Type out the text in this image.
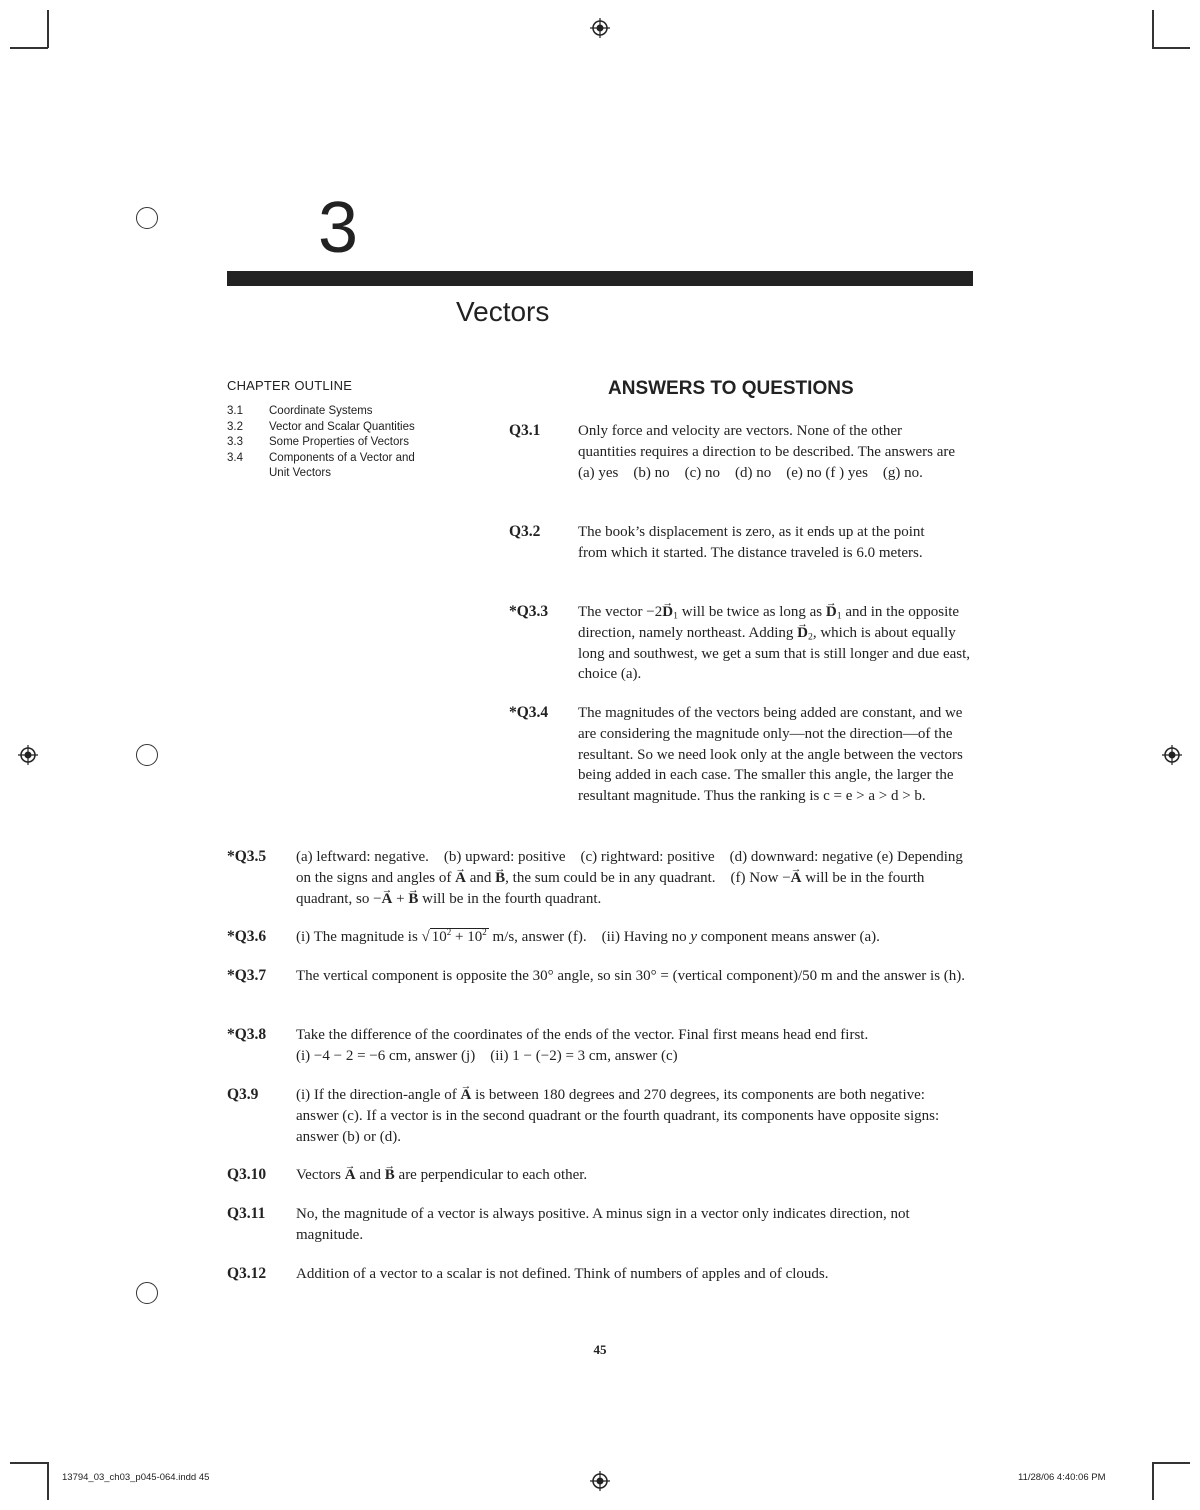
3
Vectors
CHAPTER OUTLINE
3.1	Coordinate Systems
3.2	Vector and Scalar Quantities
3.3	Some Properties of Vectors
3.4	Components of a Vector and Unit Vectors
ANSWERS TO QUESTIONS
Q3.1	Only force and velocity are vectors. None of the other quantities requires a direction to be described. The answers are (a) yes (b) no (c) no (d) no (e) no (f ) yes (g) no.
Q3.2	The book’s displacement is zero, as it ends up at the point from which it started. The distance traveled is 6.0 meters.
*Q3.3 The vector $-2\to D_1$ will be twice as long as → $D_1$ and in the opposite direction, namely northeast. Adding → $D_2$, which is about equally long and southwest, we get a sum that is still longer and due east, choice (a).
*Q3.4 The magnitudes of the vectors being added are constant, and we are considering the magnitude only—not the direction—of the resultant. So we need look only at the angle between the vectors being added in each case. The smaller this angle, the larger the resultant magnitude. Thus the ranking is c = e > a > d > b.
*Q3.5 (a) leftward: negative. (b) upward: positive (c) rightward: positive (d) downward: negative (e) Depending on the signs and angles of → A and → B, the sum could be in any quadrant. (f) Now −→ A will be in the fourth quadrant, so −→ A + → B will be in the fourth quadrant.
*Q3.6 (i) The magnitude is √ $10^2 + 10^2$ m/s, answer (f). (ii) Having no y component means answer (a).
*Q3.7 The vertical component is opposite the 30° angle, so sin 30° = (vertical component)/50 m and the answer is (h).
*Q3.8 Take the difference of the coordinates of the ends of the vector. Final first means head end first.
(i) −4 − 2 = −6 cm, answer (j) (ii) 1 − (−2) = 3 cm, answer (c)
Q3.9	(i) If the direction-angle of → A is between 180 degrees and 270 degrees, its components are both negative: answer (c). If a vector is in the second quadrant or the fourth quadrant, its components have opposite signs: answer (b) or (d).
Q3.10 Vectors → A and → B are perpendicular to each other.
Q3.11 No, the magnitude of a vector is always positive. A minus sign in a vector only indicates direction, not magnitude.
Q3.12 Addition of a vector to a scalar is not defined. Think of numbers of apples and of clouds.
45
13794_03_ch03_p045-064.indd 45	11/28/06 4:40:06 PM
